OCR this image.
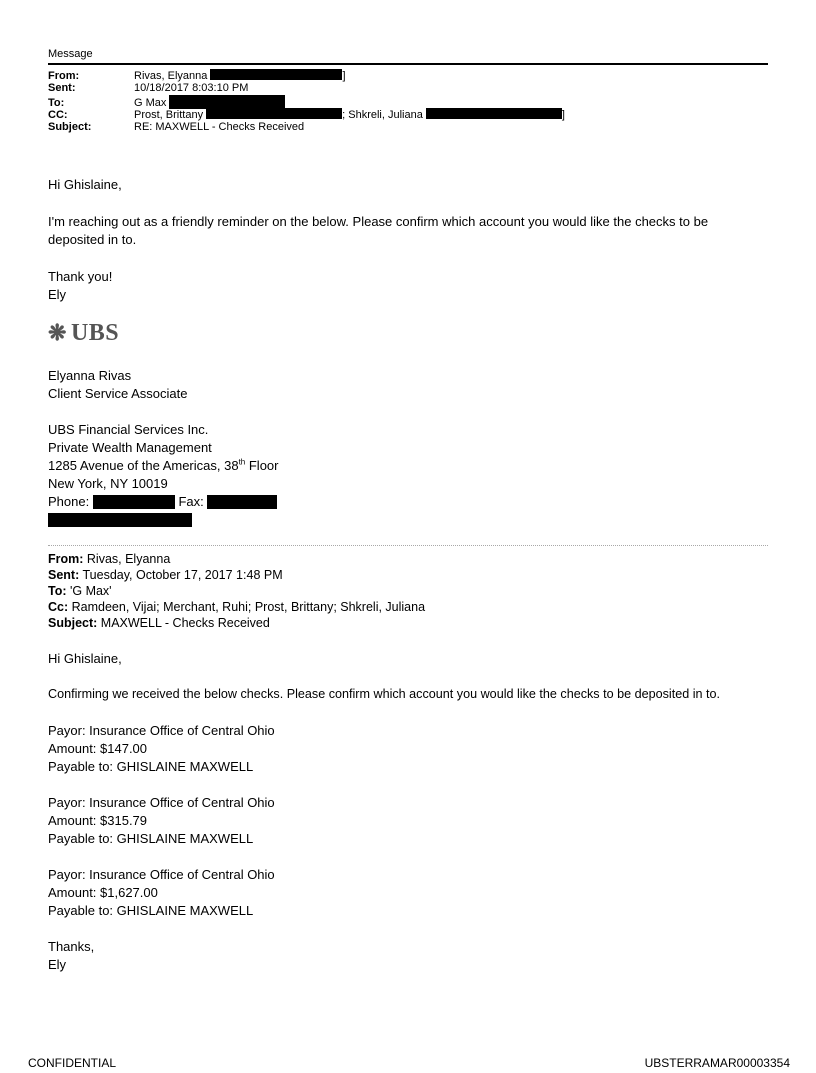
Message
From:	Rivas, Elyanna	]
Sent:	10/18/2017 8:03:10 PM
To:	G Max
CC:	Prost, Brittany	; Shkreli, Juliana	]
Subject:	RE: MAXWELL - Checks Received
Hi Ghislaine,
I'm reaching out as a friendly reminder on the below. Please confirm which account you would like the checks to be deposited in to.
Thank you!
Ely
❋ UBS
Elyanna Rivas
Client Service Associate
UBS Financial Services Inc.
Private Wealth Management
1285 Avenue of the Americas, 38th Floor
New York, NY 10019
Phone:	Fax:
From: Rivas, Elyanna
Sent: Tuesday, October 17, 2017 1:48 PM
To: 'G Max'
Cc: Ramdeen, Vijai; Merchant, Ruhi; Prost, Brittany; Shkreli, Juliana
Subject: MAXWELL - Checks Received
Hi Ghislaine,
Confirming we received the below checks. Please confirm which account you would like the checks to be deposited in to.
Payor: Insurance Office of Central Ohio
Amount: $147.00
Payable to: GHISLAINE MAXWELL
Payor: Insurance Office of Central Ohio
Amount: $315.79
Payable to: GHISLAINE MAXWELL
Payor: Insurance Office of Central Ohio
Amount: $1,627.00
Payable to: GHISLAINE MAXWELL
Thanks,
Ely
CONFIDENTIAL	UBSTERRAMAR00003354
